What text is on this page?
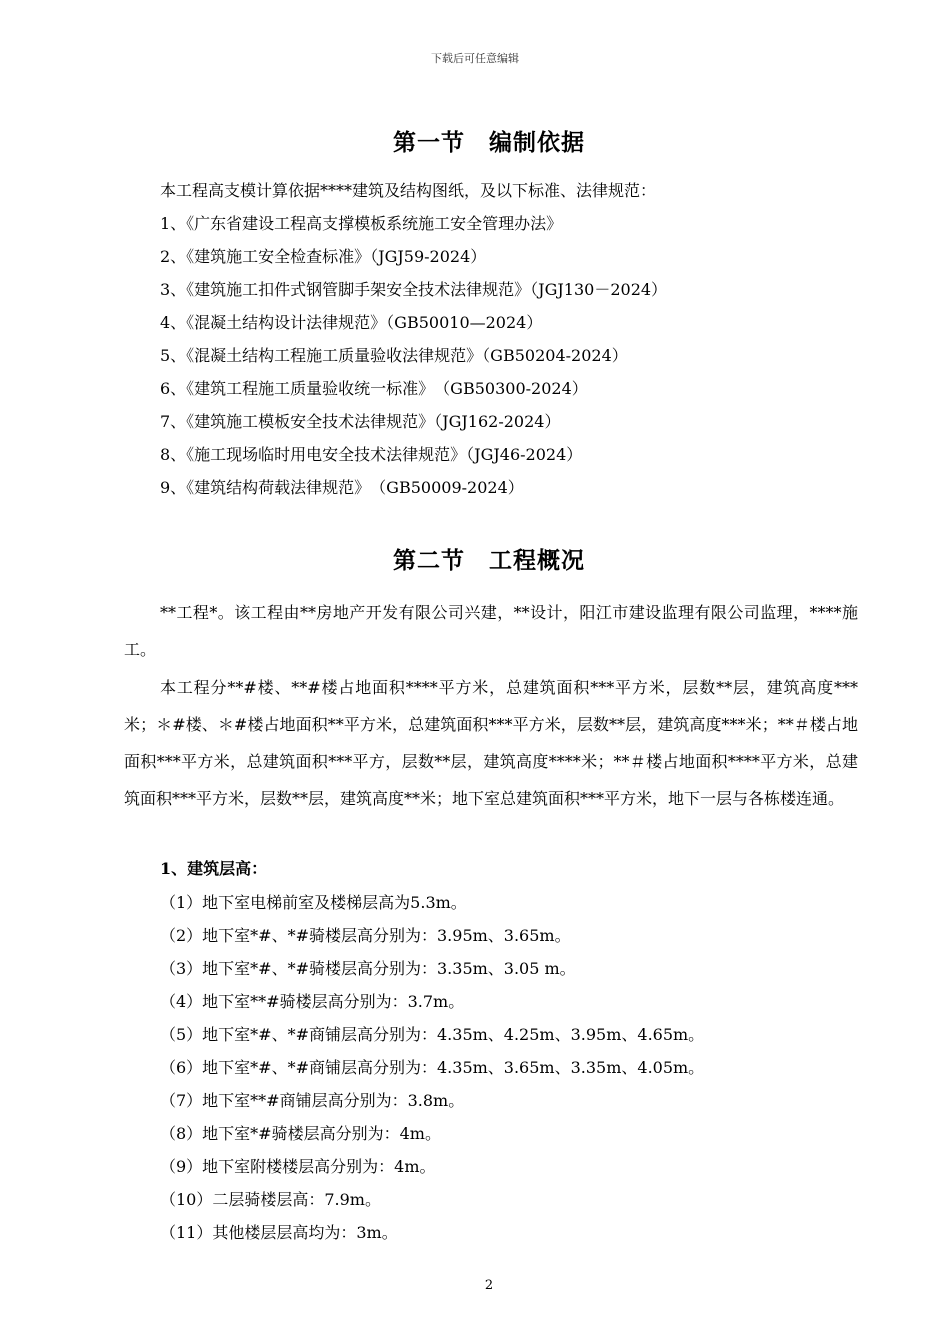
下载后可任意编辑
第一节　编制依据
本工程高支模计算依据****建筑及结构图纸，及以下标准、法律规范：
1、《广东省建设工程高支撑模板系统施工安全管理办法》
2、《建筑施工安全检查标准》（JGJ59-2024）
3、《建筑施工扣件式钢管脚手架安全技术法律规范》（JGJ130－2024）
4、《混凝土结构设计法律规范》（GB50010—2024）
5、《混凝土结构工程施工质量验收法律规范》（GB50204-2024）
6、《建筑工程施工质量验收统一标准》　（GB50300-2024）
7、《建筑施工模板安全技术法律规范》（JGJ162-2024）
8、《施工现场临时用电安全技术法律规范》（JGJ46-2024）
9、《建筑结构荷载法律规范》　（GB50009-2024）
第二节　工程概况
**工程*。该工程由**房地产开发有限公司兴建，**设计，阳江市建设监理有限公司监理，****施工。
本工程分**#楼、**#楼占地面积****平方米，总建筑面积***平方米，层数**层，建筑高度***米；＊#楼、＊#楼占地面积**平方米，总建筑面积***平方米，层数**层，建筑高度***米；**＃楼占地面积***平方米，总建筑面积***平方，层数**层，建筑高度****米；**＃楼占地面积****平方米，总建筑面积***平方米，层数**层，建筑高度**米；地下室总建筑面积***平方米，地下一层与各栋楼连通。
1、建筑层高：
（1）地下室电梯前室及楼梯层高为5.3m。
（2）地下室*#、*#骑楼层高分别为：3.95m、3.65m。
（3）地下室*#、*#骑楼层高分别为：3.35m、3.05 m。
（4）地下室**#骑楼层高分别为：3.7m。
（5）地下室*#、*#商铺层高分别为：4.35m、4.25m、3.95m、4.65m。
（6）地下室*#、*#商铺层高分别为：4.35m、3.65m、3.35m、4.05m。
（7）地下室**#商铺层高分别为：3.8m。
（8）地下室*#骑楼层高分别为：4m。
（9）地下室附楼楼层高分别为：4m。
（10）二层骑楼层高：7.9m。
（11）其他楼层层高均为：3m。
2
